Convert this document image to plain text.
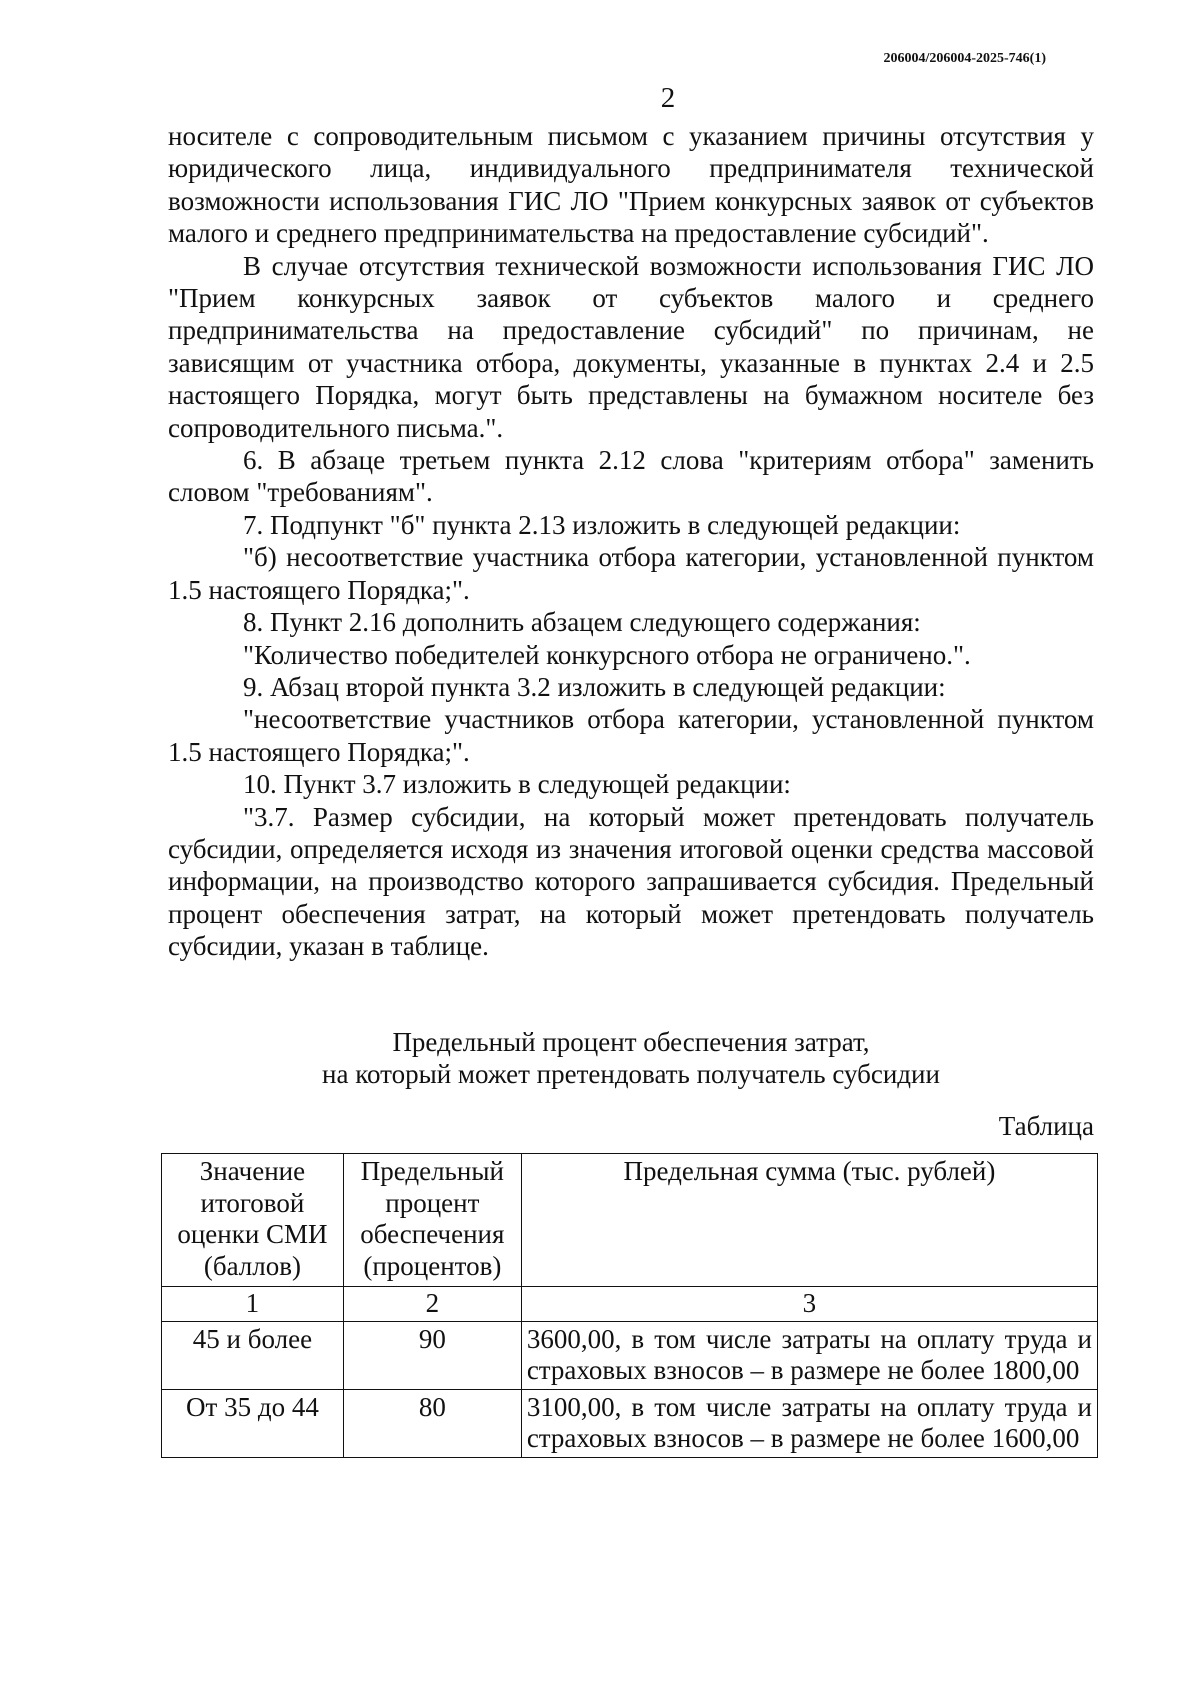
206004/206004-2025-746(1)
2

носителе с сопроводительным письмом с указанием причины отсутствия у юридического лица, индивидуального предпринимателя технической возможности использования ГИС ЛО "Прием конкурсных заявок от субъектов малого и среднего предпринимательства на предоставление субсидий".

В случае отсутствия технической возможности использования ГИС ЛО "Прием конкурсных заявок от субъектов малого и среднего предпринимательства на предоставление субсидий" по причинам, не зависящим от участника отбора, документы, указанные в пунктах 2.4 и 2.5 настоящего Порядка, могут быть представлены на бумажном носителе без сопроводительного письма.".

6. В абзаце третьем пункта 2.12 слова "критериям отбора" заменить словом "требованиям".

7. Подпункт "б" пункта 2.13 изложить в следующей редакции:

"б) несоответствие участника отбора категории, установленной пунктом 1.5 настоящего Порядка;".

8. Пункт 2.16 дополнить абзацем следующего содержания:

"Количество победителей конкурсного отбора не ограничено.".

9. Абзац второй пункта 3.2 изложить в следующей редакции:

"несоответствие участников отбора категории, установленной пунктом 1.5 настоящего Порядка;".

10. Пункт 3.7 изложить в следующей редакции:

"3.7. Размер субсидии, на который может претендовать получатель субсидии, определяется исходя из значения итоговой оценки средства массовой информации, на производство которого запрашивается субсидия. Предельный процент обеспечения затрат, на который может претендовать получатель субсидии, указан в таблице.

Предельный процент обеспечения затрат,
на который может претендовать получатель субсидии
Таблица
Значение итоговой оценки СМИ (баллов)	Предельный процент обеспечения (процентов)	Предельная сумма (тыс. рублей)
1	2	3
45 и более	90	3600,00, в том числе затраты на оплату труда и страховых взносов – в размере не более 1800,00
От 35 до 44	80	3100,00, в том числе затраты на оплату труда и страховых взносов – в размере не более 1600,00
